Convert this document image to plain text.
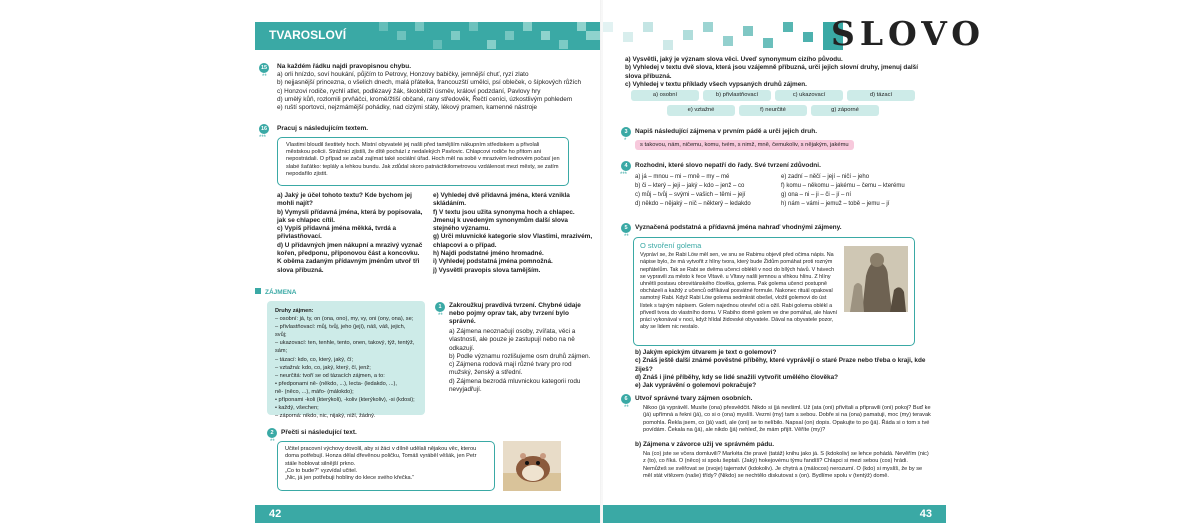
TVAROSLOVÍ
15
**
Na každém řádku najdi pravopisnou chybu.
a) orli hnízdo, soví houkání, půjčím to Petrovy, Honzovy babičky, jemnější chuť, ryzí zlato
b) nejjasnější princezna, o všelich dnech, malá přátelka, francouzští umělci, psí obleček, o šípkových růžích
c) Honzovi rodiče, rychlí atlet, podlézavý žák, školoblíží úsměv, královí podzdaní, Pavlovy hry
d) umělý kůň, rozlomili prvňáčci, kromě/žtiší občané, rany středověk, Řečtí ceníci, úzkostlivým pohledem
e) ruští sportovci, nejzmámější pohádky, nad cizými státy, lékový pramen, kamenné nástroje
16
***
Pracuj s následujícím textem.
Vlastimi bloudil šestitely hoch. Mistní obyvatelé jej našli před tamějším nákupním střediskem a přivolali městskou policii. Strážnici zjistili, že dítě pochází z nedalekých Pavlovic. Chlapcovi rodiče ho přitom ani nepostrádali. O případ se začal zajímat také sociální úřad. Hoch měl na sobě v mrazivém lednovém počasí jen slabé šaťátko: teplály a lehkou bundu. Jak zdůdal skoro patnáctikilometrovou vzdálenost mezi městy, se zatím nepodařilo zjistit.
a) Jaký je účel tohoto textu? Kde bychom jej mohli najít?
b) Vymysli přídavná jména, která by popisovala, jak se chlapec cítil.
c) Vypiš přídavná jména měkká, tvrdá a přivlastňovací.
d) U přídavných jmen nákupní a mrazivý vyznač kořen, předponu, příponovou část a koncovku. K oběma zadaným přídavným jménům utvoř tři slova příbuzná.
e) Vyhledej dvě přídavná jména, která vznikla skládáním.
f) V textu jsou užita synonyma hoch a chlapec. Jmenuj k uvedeným synonymům další slova stejného významu.
g) Urči mluvnické kategorie slov Vlastimi, mrazivém, chlapcovi a o případ.
h) Najdi podstatné jméno hromadné.
i) Vyhledej podstatná jména pomnožná.
j) Vysvětli pravopis slova tamějším.
ZÁJMENA
Druhy zájmen:
– osobní: já, ty, on (ona, ono), my, vy, oni (ony, ona), se;
– přivlastňovací: můj, tvůj, jeho (její), náš, váš, jejich, svůj;
– ukazovací: ten, tenhle, tento, onen, takový, týž, tentýž, sám;
– tázací: kdo, co, který, jaký, čí;
– vztažná: kdo, co, jaký, který, čí, jenž;
– neurčitá: tvoří se od tázacích zájmen, a to:
• předponami ně- (někdo, ...), lecta- (ledakdo, ...),
ně- (něco, ...), máfo- (málokdo);
• příponami -koli (kterýkoli), -koliv (kterýkoliv), -si (kdosi);
• každý, všechen;
– záporná: nikdo, nic, nijaký, niží, žádný.
1
**
Zakroužkuj pravdivá tvrzení. Chybné údaje nebo pojmy oprav tak, aby tvrzení bylo správné.
a) Zájmena neoznačují osoby, zvířata, věci a vlastnosti, ale pouze je zastupují nebo na ně odkazují.
b) Podle významu rozlišujeme osm druhů zájmen.
c) Zájmena rodová mají různé tvary pro rod mužský, ženský a střední.
d) Zájmena bezrodá mluvnickou kategorii rodu nevyjadřují.
2
**
Přečti si následující text.
Učitel pracovní výchovy dovolil, aby si žáci v dílně udělali nějakou věc, kterou doma potřebují. Honza dělal dřevěnou poličku, Tomáš vyráběl věšák, jen Petr stále hoblovat silnější prkno.
„Co to bude?“ vyzvídal učitel.
„Nic, já jen potřebuji hobliny do klece svého křečka.“
42
SLOVO
a) Vysvětli, jaký je význam slova věci. Uveď synonymum cizího původu.
b) Vyhledej v textu dvě slova, která jsou vzájemně příbuzná, urči jejich slovní druhy, jmenuj další slova příbuzná.
c) Vyhledej v textu příklady všech vypsaných druhů zájmen.
a) osobní	b) přivlastňovací	c) ukazovací	d) tázací
e) vztažné	f) neurčité	g) záporné
3
*
Napiš následující zájmena v prvním pádě a urči jejich druh.
s takovou, nám, ničemu, komu, tvém, s nimž, mně, čemukoliv, s nějakým, jakému
4
***
Rozhodni, které slovo nepatří do řady. Své tvrzení zdůvodni.
a) já – mnou – mi – mně – my – mé
b) či – který – jeji – jaký – kdo – jenž – co
c) můj – tvůj – svými – vašich – těmi – její
d) někdo – nějaký – nič – některý – ledakdo
e) zadní – něčí – její – ničí – jeho
f) komu – někomu – jakému – čemu – kterému
g) ona – ni – ji – či – jí – ní
h) nám – vámi – jemuž – tobě – jemu – jí
5
**
Vyznačená podstatná a přídavná jména nahraď vhodnými zájmeny.
O stvoření golema
Vypráví se, že Rabi Löw měl sen, ve snu se Rabimu objevil před očima nápis. Na nápise bylo, že má vytvořit z hlíny tvora, který bude Židům pomáhat proti rozným nepřátelům. Tak se Rabi se dvěma učenci oblékli v noci do bílých hávů. V hávech se vypravili za město k řece Vltavě. u Vltavy našli jemnou a vlhkou hlínu. Z hlíny uhnětli postavu obrovitánského člověka, golema. Pak golema učenci postupně obcházeli a každý z učenců odříkával posvátné formule. Nakonec rituál opakoval samotný Rabi. Když Rabi Löw golema sedmkrát obešel, vložil golemovi do úst lístek s tajným nápisem. Golem najednou otevřel oči a ožil. Rabi golema oblékl a přivedl tvora do vlastního domu. V Rabiho domě golem ve dne pomáhal, ale hlavní práci vykonával v noci, když hlídal židovské obyvatele. Dával na obyvatele pozor, aby se lidem nic nestalo.
b) Jakým epickým útvarem je text o golemovi?
c) Znáš ještě další známé pověstné příběhy, které vyprávějí o staré Praze nebo třeba o kraji, kde žiješ?
d) Znáš i jiné příběhy, kdy se lidé snažili vytvořit umělého člověka?
e) Jak vyprávění o golemovi pokračuje?
6
**
Utvoř správné tvary zájmen osobních.
Nikoo (já vyprávěl. Musíte (ona) přesvědčit. Nikdo si (já nevšiml. Už (ata (oni) přivítali a připravili (oni) pokoj? Buď ke (já) upřímná a řekni (já), co si o (ona) myslíš. Vezmi (my) tam s sebou. Dobře si na (ona) pamatuji, moc (my) teravak pomohla. Řekla jsem, co (já) vadí, ale (oni) se to nelíbilo. Napsal (on) dopis. Opakujte to po (já). Řáda si o tom s tvé povídám. Čekala na (já), ale nikdo (já) nehleď, že mám přijít. Věříte (my)?
b) Zájmena v závorce užij ve správném pádu.
Na (co) jste se včera domluvili? Markéta čte pravé (tatáž) knihu jako já. S (kdokoliv) se lehce pohádá. Nevěřím (nic) z (to), co říká. O (něco) si spolu šeptali. (Jaký) hokejovému týmu fandíš? Chlapci si mezi sebou (cos) hrádi. Nemůžeš se svěřovat se (svoje) tajemství (kdokoliv). Je chytrá a (málocos) nerozumí. O (kdo) si myslíš, že by se měl stát vítězem (naše) třídy? (Nikdo) se nechtělo diskutovat s (on). Bydlíme spolu v (tentýž) domě.
43
